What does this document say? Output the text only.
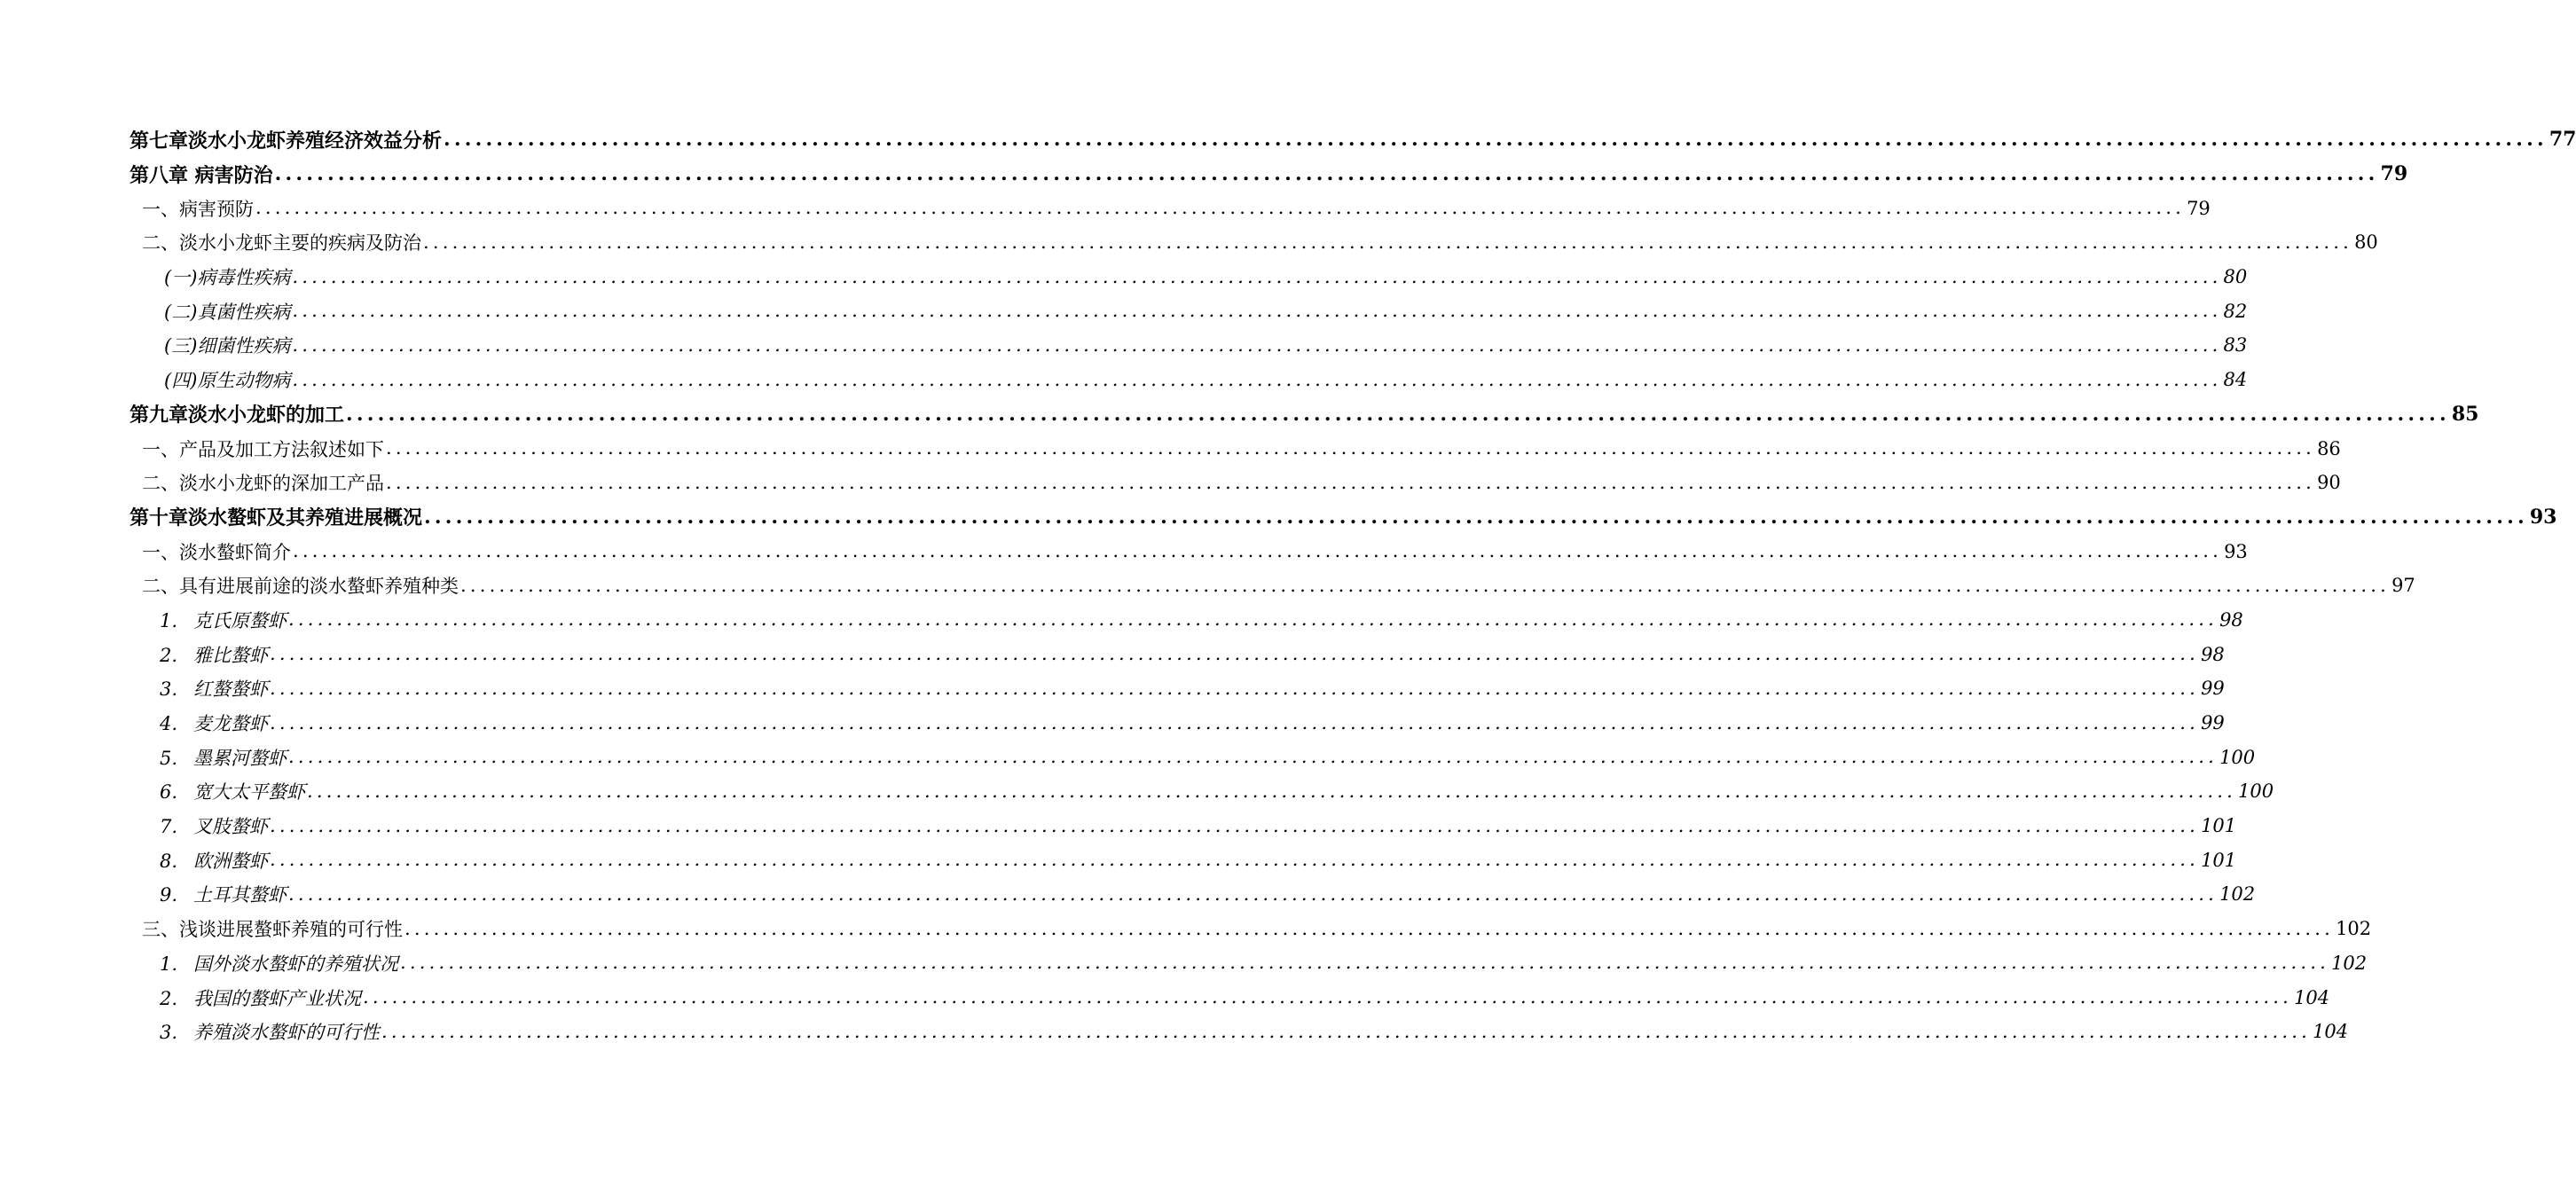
第七章淡水小龙虾养殖经济效益分析 ........................................................................................................................................................................................................ 77
第八章 病害防治 ........................................................................................................................................................................................................ 79
一、病害预防 ........................................................................................................................................................................................................ 79
二、淡水小龙虾主要的疾病及防治 ........................................................................................................................................................................................................ 80
(一)病毒性疾病 ........................................................................................................................................................................................................ 80
(二)真菌性疾病 ........................................................................................................................................................................................................ 82
(三)细菌性疾病 ........................................................................................................................................................................................................ 83
(四)原生动物病 ........................................................................................................................................................................................................ 84
第九章淡水小龙虾的加工 ........................................................................................................................................................................................................ 85
一、产品及加工方法叙述如下 ........................................................................................................................................................................................................ 86
二、淡水小龙虾的深加工产品 ........................................................................................................................................................................................................ 90
第十章淡水螯虾及其养殖进展概况 ........................................................................................................................................................................................................ 93
一、淡水螯虾简介 ........................................................................................................................................................................................................ 93
二、具有进展前途的淡水螯虾养殖种类 ........................................................................................................................................................................................................ 97
1. 克氏原螯虾 ........................................................................................................................................................................................................ 98
2. 雅比螯虾 ........................................................................................................................................................................................................ 98
3. 红螯螯虾 ........................................................................................................................................................................................................ 99
4. 麦龙螯虾 ........................................................................................................................................................................................................ 99
5. 墨累河螯虾 ........................................................................................................................................................................................................ 100
6. 宽大太平螯虾 ........................................................................................................................................................................................................ 100
7. 叉肢螯虾 ........................................................................................................................................................................................................ 101
8. 欧洲螯虾 ........................................................................................................................................................................................................ 101
9. 土耳其螯虾 ........................................................................................................................................................................................................ 102
三、浅谈进展螯虾养殖的可行性 ........................................................................................................................................................................................................ 102
1. 国外淡水螯虾的养殖状况 ........................................................................................................................................................................................................ 102
2. 我国的螯虾产业状况 ........................................................................................................................................................................................................ 104
3. 养殖淡水螯虾的可行性 ........................................................................................................................................................................................................ 104
